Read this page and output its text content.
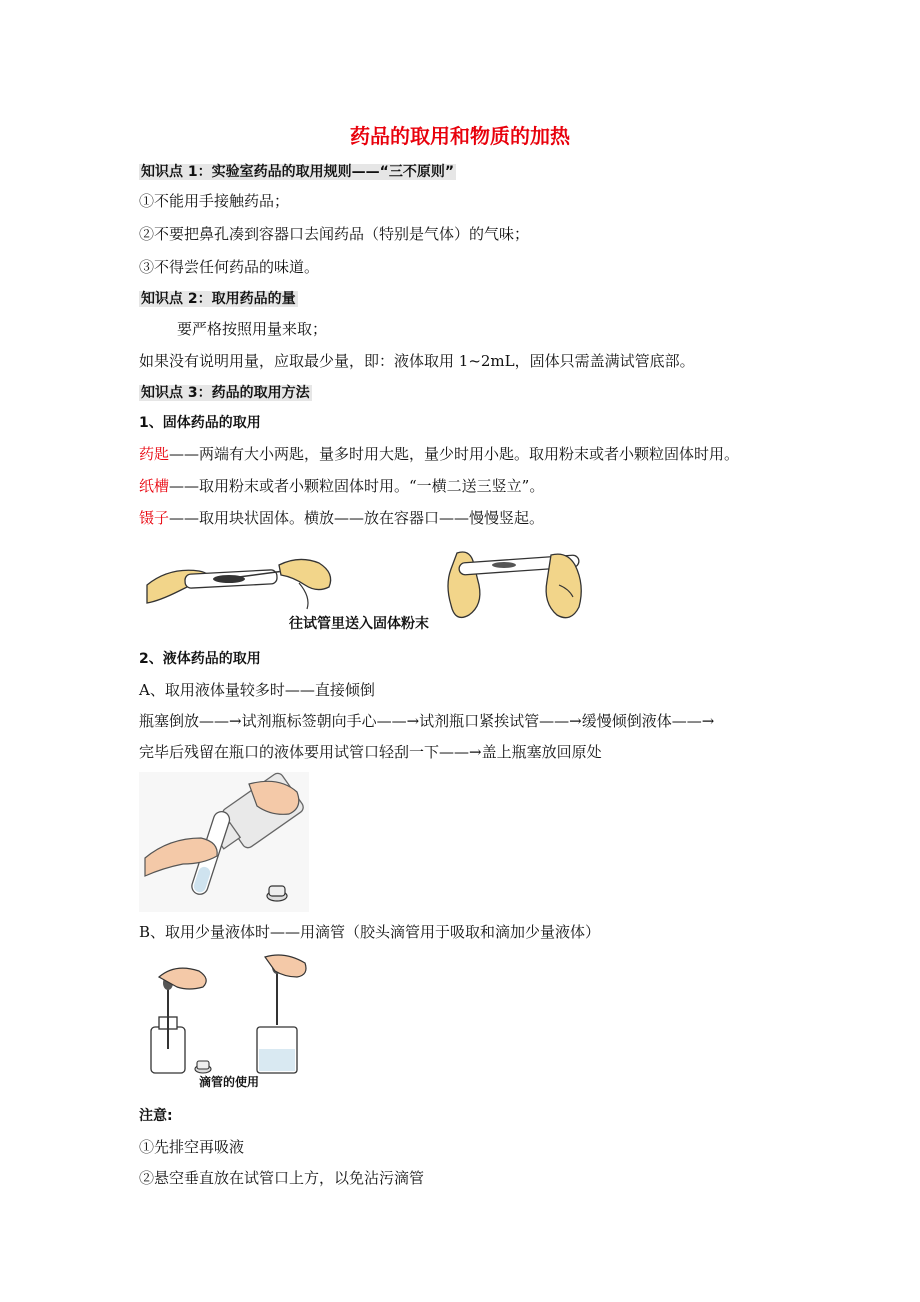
药品的取用和物质的加热
知识点 1：实验室药品的取用规则——“三不原则”
①不能用手接触药品；
②不要把鼻孔凑到容器口去闻药品（特别是气体）的气味；
③不得尝任何药品的味道。
知识点 2：取用药品的量
要严格按照用量来取；
如果没有说明用量，应取最少量，即：液体取用 1~2mL，固体只需盖满试管底部。
知识点 3：药品的取用方法
1、固体药品的取用
药匙——两端有大小两匙，量多时用大匙，量少时用小匙。取用粉末或者小颗粒固体时用。
纸槽——取用粉末或者小颗粒固体时用。“一横二送三竖立”。
镊子——取用块状固体。横放——放在容器口——慢慢竖起。
往试管里送入固体粉末
2、液体药品的取用
A、取用液体量较多时——直接倾倒
瓶塞倒放——→试剂瓶标签朝向手心——→试剂瓶口紧挨试管——→缓慢倾倒液体——→
完毕后残留在瓶口的液体要用试管口轻刮一下——→盖上瓶塞放回原处
B、取用少量液体时——用滴管（胶头滴管用于吸取和滴加少量液体）
滴管的使用
注意:
①先排空再吸液
②悬空垂直放在试管口上方，以免沾污滴管
